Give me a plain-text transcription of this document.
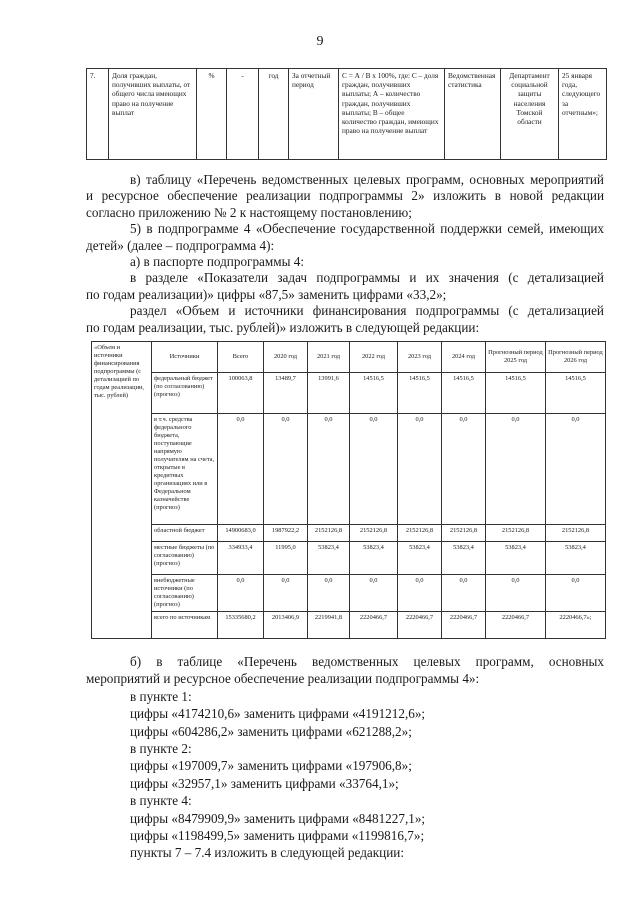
9
7.	Доля граждан, получивших выплаты, от общего числа имеющих право на получение выплат	%	-	год	За отчетный период	С = А / В х 100%, где: С – доля граждан, получивших выплаты; А – количество граждан, получивших выплаты; В – общее количество граждан, имеющих право на получение выплат	Ведомственная статистика	Департамент социальной защиты населения Томской области	25 января года, следующего за отчетным»;

в) таблицу «Перечень ведомственных целевых программ, основных мероприятий

и ресурсное обеспечение реализации подпрограммы 2» изложить в новой редакции

согласно приложению № 2 к настоящему постановлению;

5) в подпрограмме 4 «Обеспечение государственной поддержки семей, имеющих

детей» (далее – подпрограмма 4):

а) в паспорте подпрограммы 4:

в разделе «Показатели задач подпрограммы и их значения (с детализацией

по годам реализации)» цифры «87,5» заменить цифрами «33,2»;

раздел «Объем и источники финансирования подпрограммы (с детализацией

по годам реализации, тыс. рублей)» изложить в следующей редакции:

«Объем и источники финансирования подпрограммы (с детализацией по годам реализации, тыс. рублей)	Источники	Всего	2020 год	2021 год	2022 год	2023 год	2024 год	Прогнозный период 2025 год	Прогнозный период 2026 год
	федеральный бюджет (по согласованию) (прогноз)	100063,8	13489,7	13991,6	14516,5	14516,5	14516,5	14516,5	14516,5
	в т.ч. средства федерального бюджета, поступающие напрямую получателям на счета, открытые в кредитных организациях или в Федеральном казначействе (прогноз)	0,0	0,0	0,0	0,0	0,0	0,0	0,0	0,0
	областной бюджет	14900683,0	1987922,2	2152126,8	2152126,8	2152126,8	2152126,8	2152126,8	2152126,8
	местные бюджеты (по согласованию) (прогноз)	334933,4	11995,0	53823,4	53823,4	53823,4	53823,4	53823,4	53823,4
	внебюджетные источники (по согласованию) (прогноз)	0,0	0,0	0,0	0,0	0,0	0,0	0,0	0,0
	всего по источникам	15335680,2	2013406,9	2219941,8	2220466,7	2220466,7	2220466,7	2220466,7	2220466,7»;

б) в таблице «Перечень ведомственных целевых программ, основных

мероприятий и ресурсное обеспечение реализации подпрограммы 4»:

в пункте 1:

цифры «4174210,6» заменить цифрами «4191212,6»;

цифры «604286,2» заменить цифрами «621288,2»;

в пункте 2:

цифры «197009,7» заменить цифрами «197906,8»;

цифры «32957,1» заменить цифрами «33764,1»;

в пункте 4:

цифры «8479909,9» заменить цифрами «8481227,1»;

цифры «1198499,5» заменить цифрами «1199816,7»;

пункты 7 – 7.4 изложить в следующей редакции:
